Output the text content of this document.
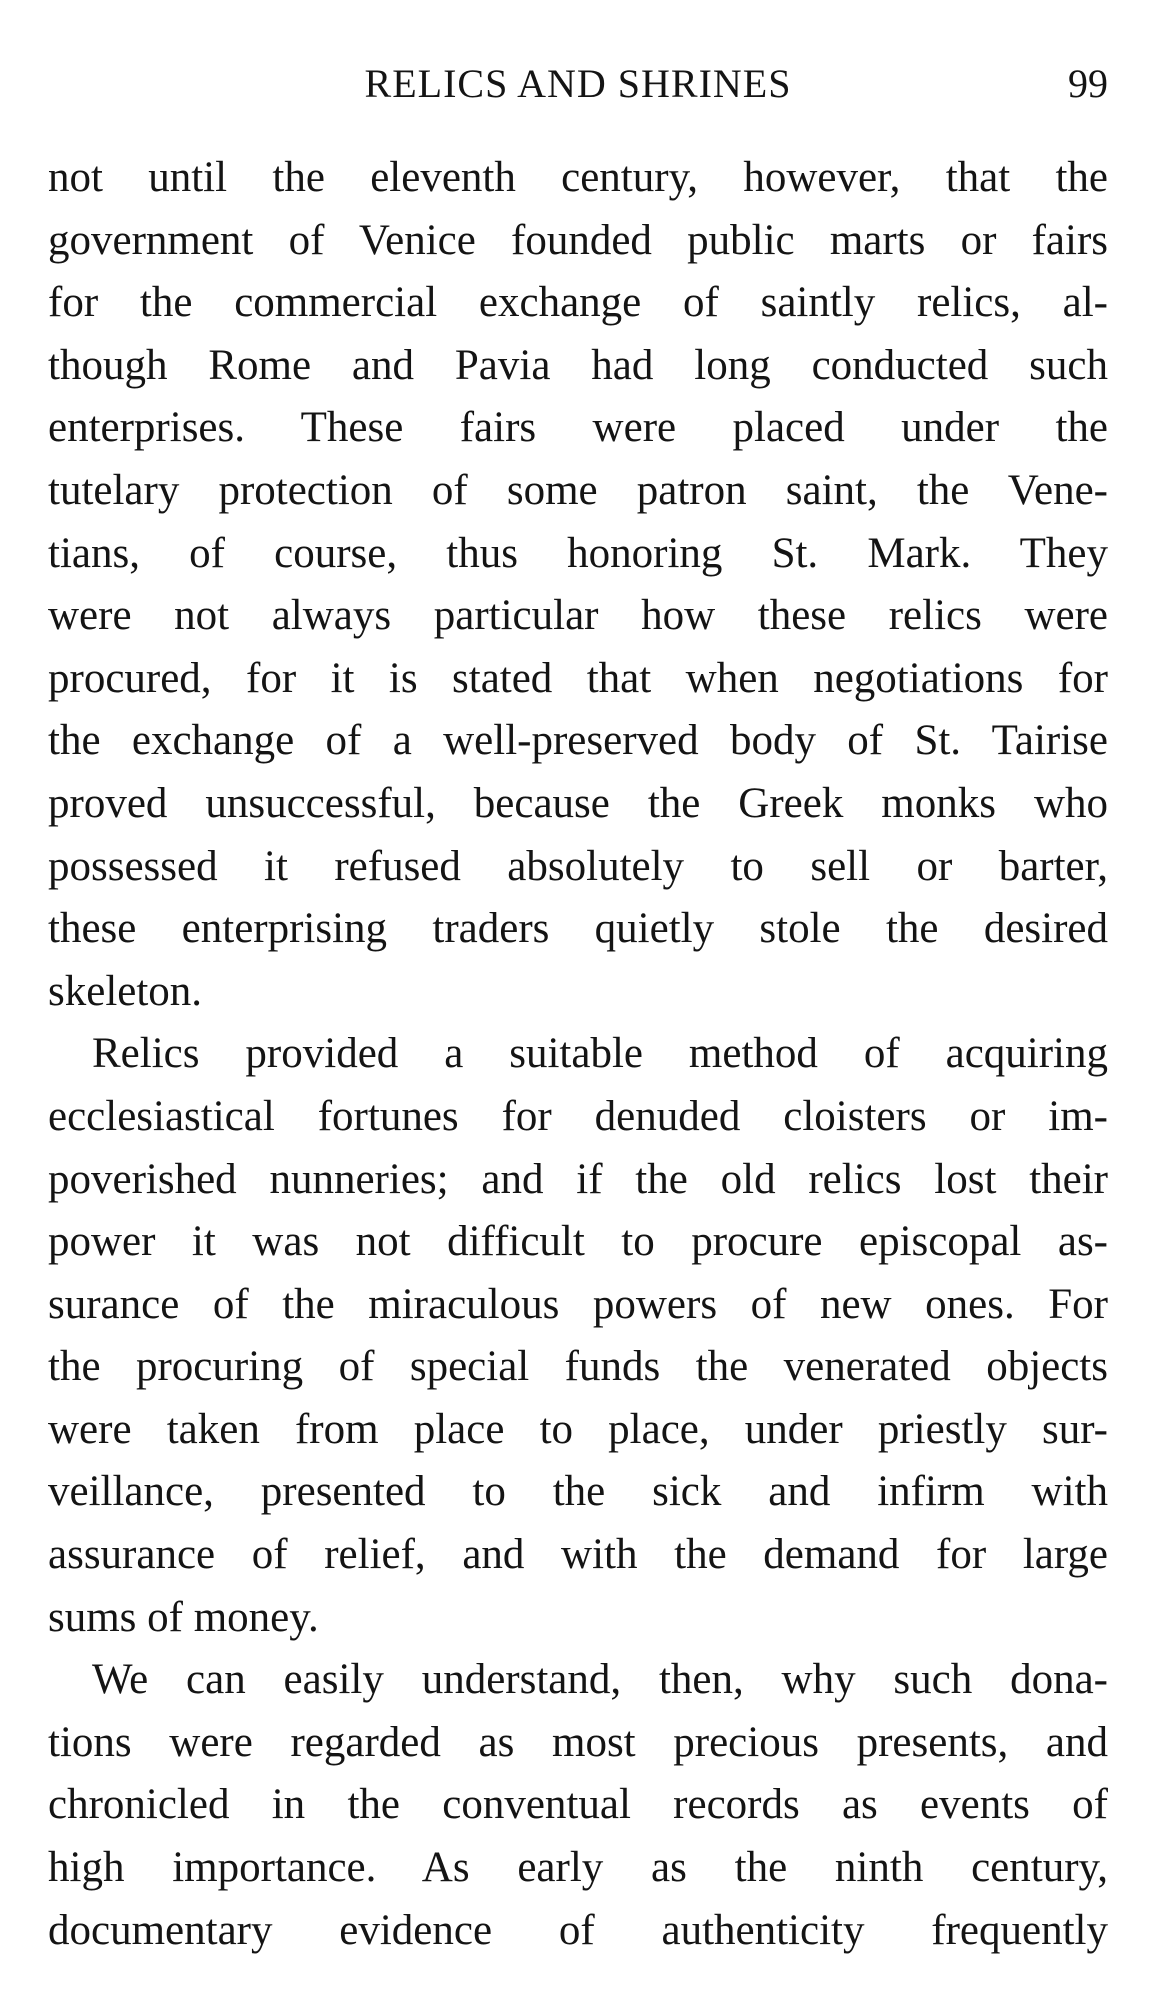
RELICS AND SHRINES	99
not until the eleventh century, however, that the
government of Venice founded public marts or fairs
for the commercial exchange of saintly relics, al-
though Rome and Pavia had long conducted such
enterprises. These fairs were placed under the
tutelary protection of some patron saint, the Vene-
tians, of course, thus honoring St. Mark. They
were not always particular how these relics were
procured, for it is stated that when negotiations for
the exchange of a well-preserved body of St. Tairise
proved unsuccessful, because the Greek monks who
possessed it refused absolutely to sell or barter,
these enterprising traders quietly stole the desired
skeleton.
Relics provided a suitable method of acquiring
ecclesiastical fortunes for denuded cloisters or im-
poverished nunneries; and if the old relics lost their
power it was not difficult to procure episcopal as-
surance of the miraculous powers of new ones. For
the procuring of special funds the venerated objects
were taken from place to place, under priestly sur-
veillance, presented to the sick and infirm with
assurance of relief, and with the demand for large
sums of money.
We can easily understand, then, why such dona-
tions were regarded as most precious presents, and
chronicled in the conventual records as events of
high importance. As early as the ninth century,
documentary evidence of authenticity frequently
